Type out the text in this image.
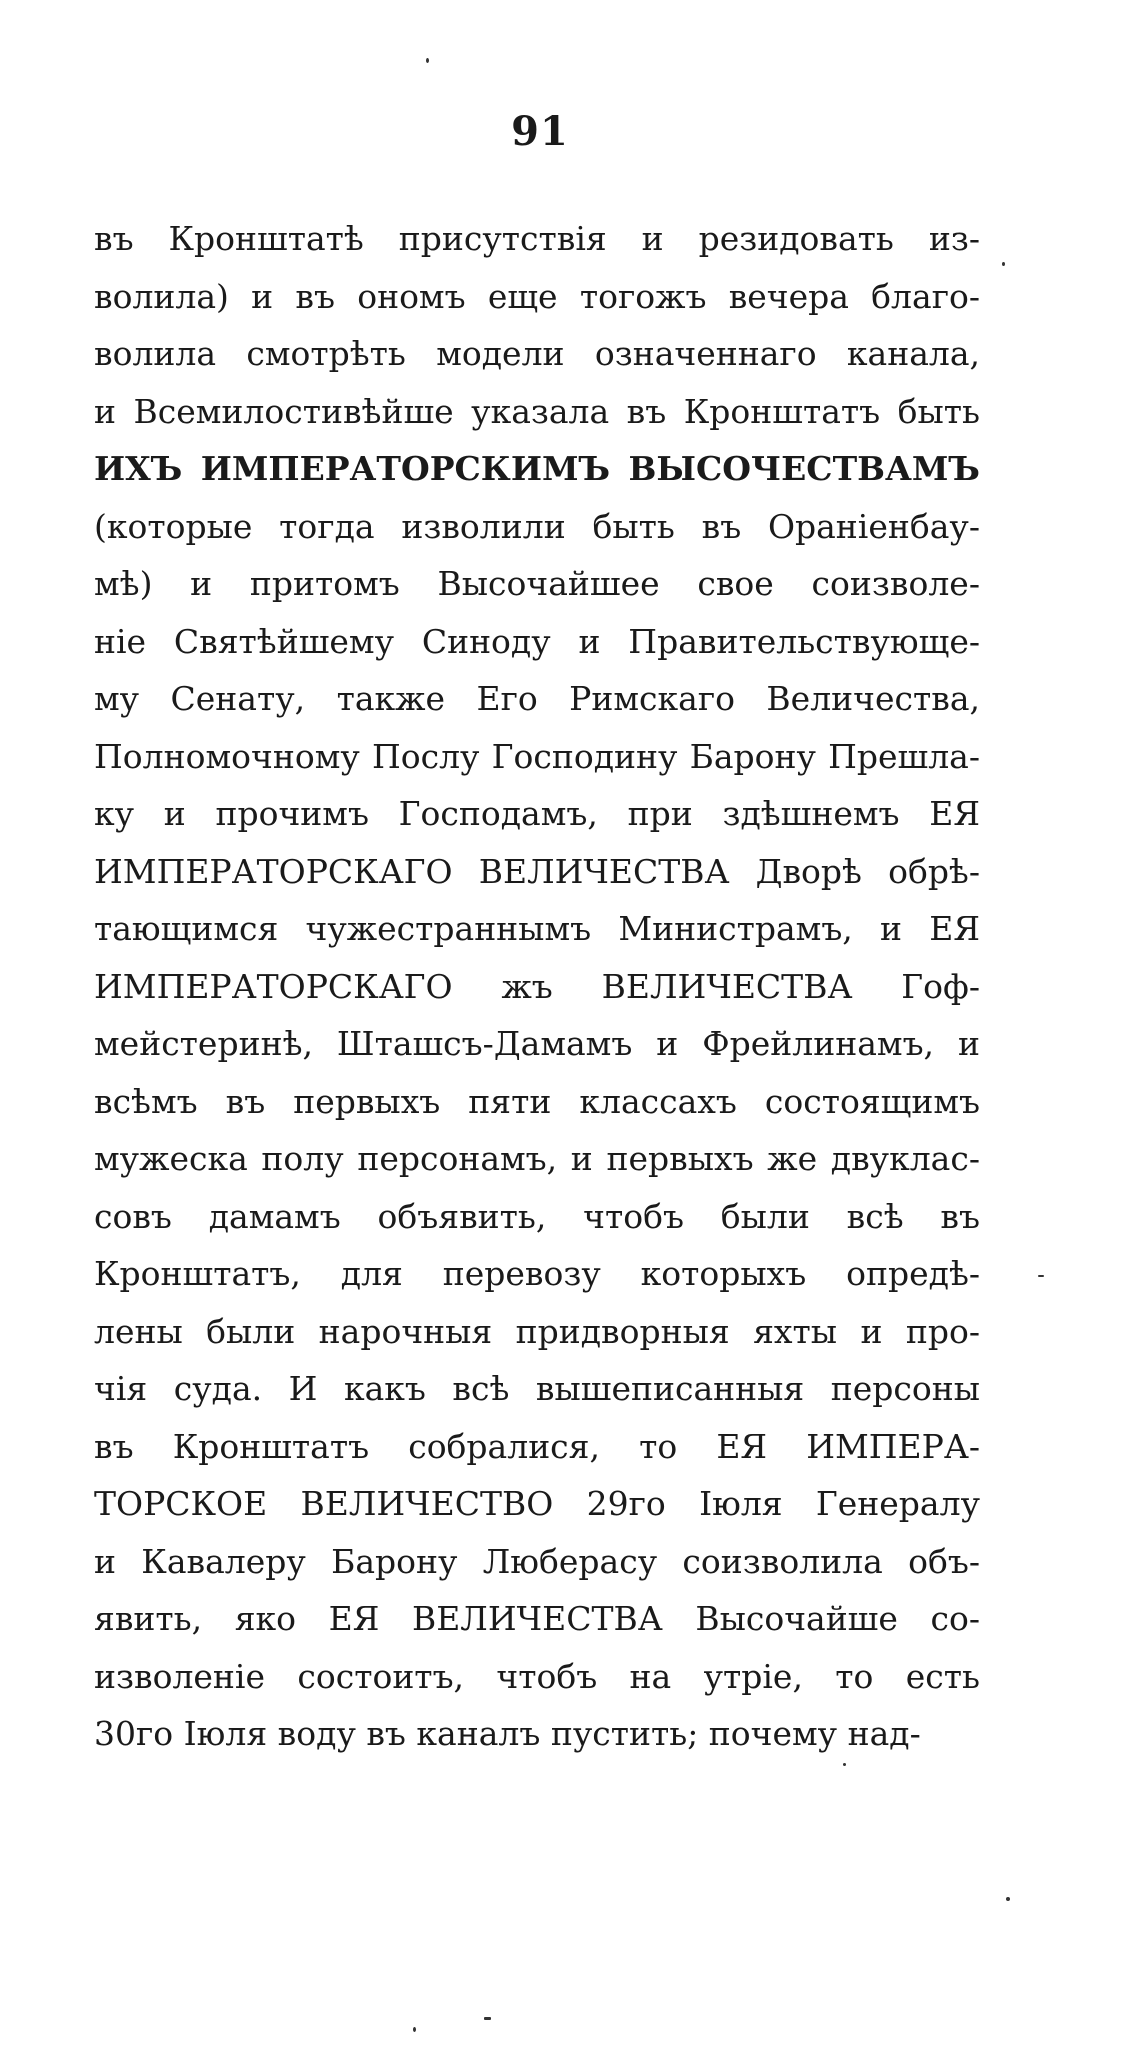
91
въ Кронштатѣ присутствія и резидовать из-
волила) и въ ономъ еще тогожъ вечера благо-
волила смотрѣть модели означеннаго канала,
и Всемилостивѣйше указала въ Кронштатъ быть
ИХЪ ИМПЕРАТОРСКИМЪ ВЫСОЧЕСТВАМЪ
(которые тогда изволили быть въ Ораніенбау-
мѣ) и притомъ Высочайшее свое соизволе-
ніе Святѣйшему Синоду и Правительствующе-
му Сенату, также Его Римскаго Величества,
Полномочному Послу Господину Барону Прешла-
ку и прочимъ Господамъ, при здѣшнемъ ЕЯ
ИМПЕРАТОРСКАГО ВЕЛИЧЕСТВА Дворѣ обрѣ-
тающимся чужестраннымъ Министрамъ, и ЕЯ
ИМПЕРАТОРСКАГО жъ ВЕЛИЧЕСТВА Гоф-
мейстеринѣ, Шташсъ-Дамамъ и Фрейлинамъ, и
всѣмъ въ первыхъ пяти классахъ состоящимъ
мужеска полу персонамъ, и первыхъ же двуклас-
совъ дамамъ объявить, чтобъ были всѣ въ
Кронштатъ, для перевозу которыхъ опредѣ-
лены были нарочныя придворныя яхты и про-
чія суда. И какъ всѣ вышеписанныя персоны
въ Кронштатъ собралися, то ЕЯ ИМПЕРА-
ТОРСКОЕ ВЕЛИЧЕСТВО 29го Іюля Генералу
и Кавалеру Барону Люберасу соизволила объ-
явить, яко ЕЯ ВЕЛИЧЕСТВА Высочайше со-
изволеніе состоитъ, чтобъ на утріе, то есть
30го Іюля воду въ каналъ пустить; почему над-
